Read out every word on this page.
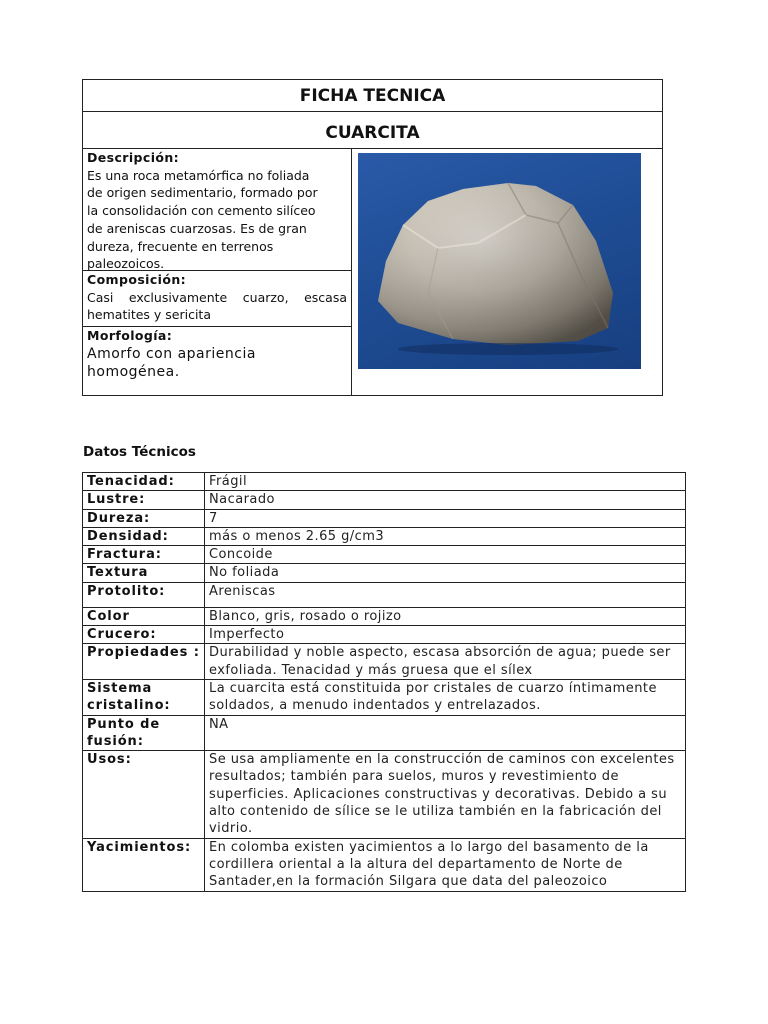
FICHA TECNICA
CUARCITA
Descripción:
Es una roca metamórfica no foliada
de origen sedimentario, formado por
la consolidación con cemento silíceo
de areniscas cuarzosas. Es de gran
dureza, frecuente en terrenos
paleozoicos.
Composición:
Casi exclusivamente cuarzo, escasa hematites y sericita
Morfología:
Amorfo con apariencia
homogénea.
Datos Técnicos
Tenacidad:	Frágil
Lustre:	Nacarado
Dureza:	7
Densidad:	más o menos 2.65 g/cm3
Fractura:	Concoide
Textura	No foliada
Protolito:	Areniscas
Color	Blanco, gris, rosado o rojizo
Crucero:	Imperfecto
Propiedades :	Durabilidad y noble aspecto, escasa absorción de agua; puede ser exfoliada. Tenacidad y más gruesa que el sílex
Sistema cristalino:	La cuarcita está constituida por cristales de cuarzo íntimamente soldados, a menudo indentados y entrelazados.
Punto de fusión:	NA
Usos:	Se usa ampliamente en la construcción de caminos con excelentes resultados; también para suelos, muros y revestimiento de superficies. Aplicaciones constructivas y decorativas. Debido a su alto contenido de sílice se le utiliza también en la fabricación del vidrio.
Yacimientos:	En colomba existen yacimientos a lo largo del basamento de la cordillera oriental a la altura del departamento de Norte de Santader,en la formación Silgara que data del paleozoico
